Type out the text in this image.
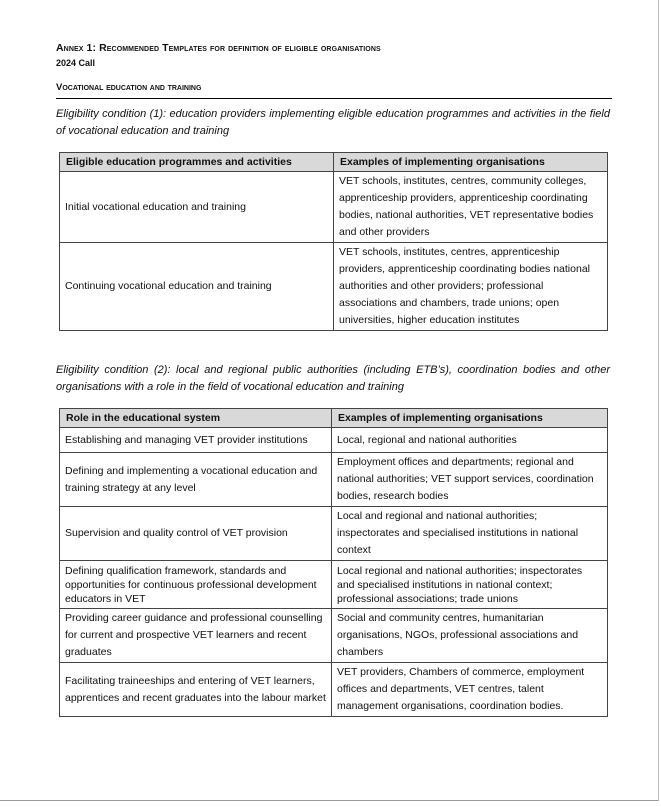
Annex 1: Recommended Templates for definition of eligible organisations
2024 Call
Vocational education and training
Eligibility condition (1): education providers implementing eligible education programmes and activities in the field of vocational education and training
Eligible education programmes and activities	Examples of implementing organisations
Initial vocational education and training	VET schools, institutes, centres, community colleges, apprenticeship providers, apprenticeship coordinating bodies, national authorities, VET representative bodies and other providers
Continuing vocational education and training	VET schools, institutes, centres, apprenticeship providers, apprenticeship coordinating bodies national authorities and other providers; professional associations and chambers, trade unions; open universities, higher education institutes
Eligibility condition (2): local and regional public authorities (including ETB’s), coordination bodies and other organisations with a role in the field of vocational education and training
Role in the educational system	Examples of implementing organisations
Establishing and managing VET provider institutions	Local, regional and national authorities
Defining and implementing a vocational education and training strategy at any level	Employment offices and departments; regional and national authorities; VET support services, coordination bodies, research bodies
Supervision and quality control of VET provision	Local and regional and national authorities; inspectorates and specialised institutions in national context
Defining qualification framework, standards and opportunities for continuous professional development educators in VET	Local regional and national authorities; inspectorates and specialised institutions in national context; professional associations; trade unions
Providing career guidance and professional counselling for current and prospective VET learners and recent graduates	Social and community centres, humanitarian organisations, NGOs, professional associations and chambers
Facilitating traineeships and entering of VET learners, apprentices and recent graduates into the labour market	VET providers, Chambers of commerce, employment offices and departments, VET centres, talent management organisations, coordination bodies.
